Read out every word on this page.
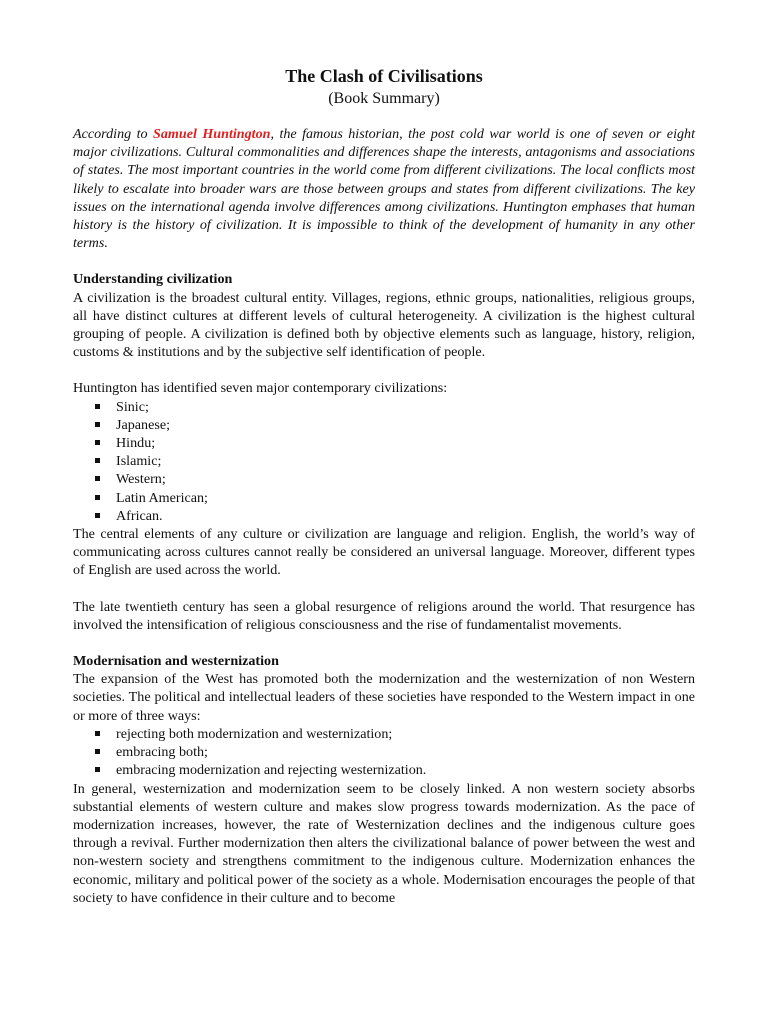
The Clash of Civilisations
(Book Summary)

According to Samuel Huntington, the famous historian, the post cold war world is one of seven or eight major civilizations. Cultural commonalities and differences shape the interests, antagonisms and associations of states. The most important countries in the world come from different civilizations. The local conflicts most likely to escalate into broader wars are those between groups and states from different civilizations. The key issues on the international agenda involve differences among civilizations. Huntington emphases that human history is the history of civilization. It is impossible to think of the development of humanity in any other terms.

Understanding civilization

A civilization is the broadest cultural entity. Villages, regions, ethnic groups, nationalities, religious groups, all have distinct cultures at different levels of cultural heterogeneity. A civilization is the highest cultural grouping of people. A civilization is defined both by objective elements such as language, history, religion, customs & institutions and by the subjective self identification of people.

Huntington has identified seven major contemporary civilizations:

Sinic;
Japanese;
Hindu;
Islamic;
Western;
Latin American;
African.

The central elements of any culture or civilization are language and religion. English, the world’s way of communicating across cultures cannot really be considered an universal language. Moreover, different types of English are used across the world.

The late twentieth century has seen a global resurgence of religions around the world. That resurgence has involved the intensification of religious consciousness and the rise of fundamentalist movements.

Modernisation and westernization

The expansion of the West has promoted both the modernization and the westernization of non Western societies. The political and intellectual leaders of these societies have responded to the Western impact in one or more of three ways:

rejecting both modernization and westernization;
embracing both;
embracing modernization and rejecting westernization.

In general, westernization and modernization seem to be closely linked. A non western society absorbs substantial elements of western culture and makes slow progress towards modernization. As the pace of modernization increases, however, the rate of Westernization declines and the indigenous culture goes through a revival. Further modernization then alters the civilizational balance of power between the west and non-western society and strengthens commitment to the indigenous culture. Modernization enhances the economic, military and political power of the society as a whole. Modernisation encourages the people of that society to have confidence in their culture and to become
